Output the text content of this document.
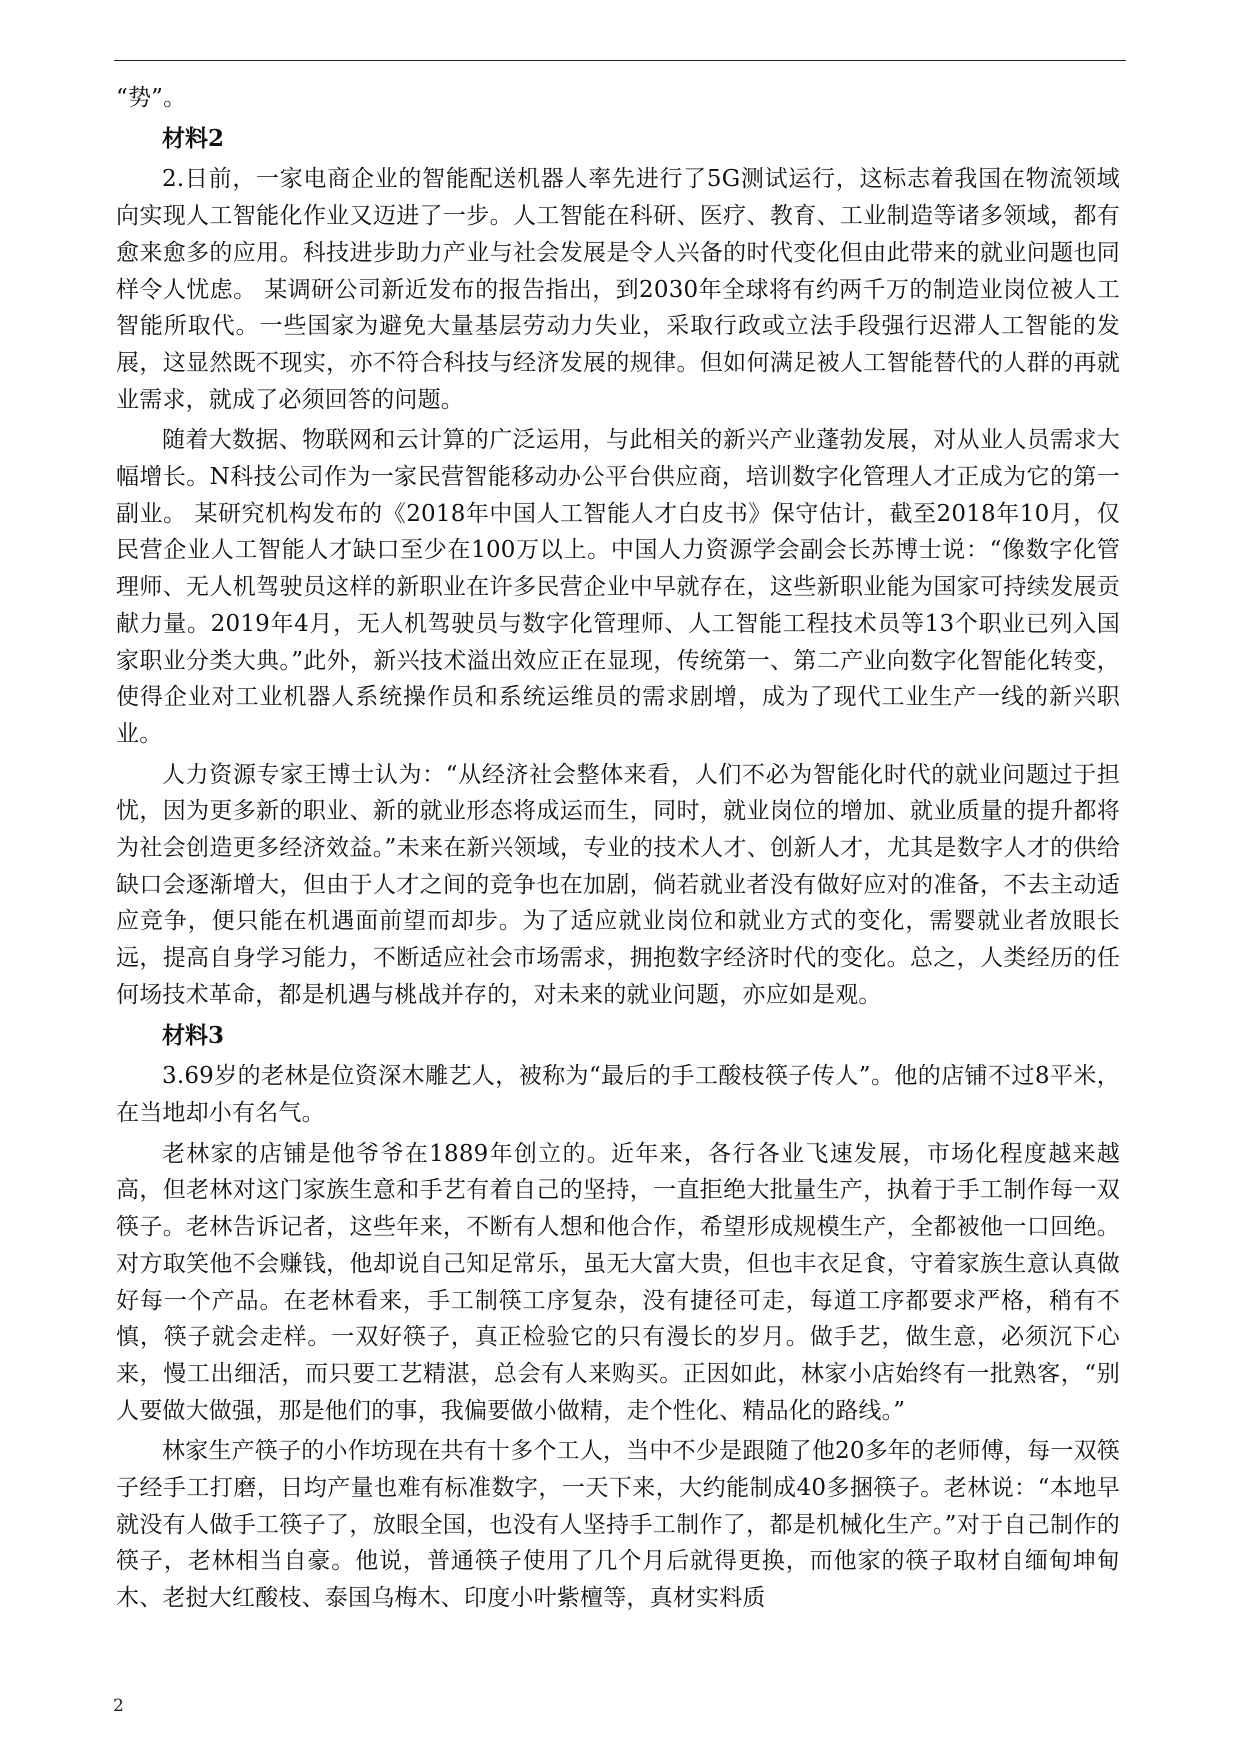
“势”。

材料2

2.日前，一家电商企业的智能配送机器人率先进行了5G测试运行，这标志着我国在物流领域向实现人工智能化作业又迈进了一步。人工智能在科研、医疗、教育、工业制造等诸多领域，都有愈来愈多的应用。科技进步助力产业与社会发展是令人兴备的时代变化但由此带来的就业问题也同样令人忧虑。 某调研公司新近发布的报告指出，到2030年全球将有约两千万的制造业岗位被人工智能所取代。一些国家为避免大量基层劳动力失业，采取行政或立法手段强行迟滞人工智能的发展，这显然既不现实，亦不符合科技与经济发展的规律。但如何满足被人工智能替代的人群的再就业需求，就成了必须回答的问题。

随着大数据、物联网和云计算的广泛运用，与此相关的新兴产业蓬勃发展，对从业人员需求大幅增长。N科技公司作为一家民营智能移动办公平台供应商，培训数字化管理人才正成为它的第一副业。 某研究机构发布的《2018年中国人工智能人才白皮书》保守估计，截至2018年10月，仅民营企业人工智能人才缺口至少在100万以上。中国人力资源学会副会长苏博士说：“像数字化管理师、无人机驾驶员这样的新职业在许多民营企业中早就存在，这些新职业能为国家可持续发展贡献力量。2019年4月，无人机驾驶员与数字化管理师、人工智能工程技术员等13个职业已列入国家职业分类大典。”此外，新兴技术溢出效应正在显现，传统第一、第二产业向数字化智能化转变，使得企业对工业机器人系统操作员和系统运维员的需求剧增，成为了现代工业生产一线的新兴职业。

人力资源专家王博士认为：“从经济社会整体来看，人们不必为智能化时代的就业问题过于担忧，因为更多新的职业、新的就业形态将成运而生，同时，就业岗位的增加、就业质量的提升都将为社会创造更多经济效益。”未来在新兴领域，专业的技术人才、创新人才，尤其是数字人才的供给缺口会逐渐增大，但由于人才之间的竞争也在加剧，倘若就业者没有做好应对的准备，不去主动适应竞争，便只能在机遇面前望而却步。为了适应就业岗位和就业方式的变化，需婴就业者放眼长远，提高自身学习能力，不断适应社会市场需求，拥抱数字经济时代的变化。总之，人类经历的任何场技术革命，都是机遇与桃战并存的，对未来的就业问题，亦应如是观。

材料3

3.69岁的老林是位资深木雕艺人，被称为“最后的手工酸枝筷子传人”。他的店铺不过8平米，在当地却小有名气。

老林家的店铺是他爷爷在1889年创立的。近年来，各行各业飞速发展，市场化程度越来越高，但老林对这门家族生意和手艺有着自己的坚持，一直拒绝大批量生产，执着于手工制作每一双筷子。老林告诉记者，这些年来，不断有人想和他合作，希望形成规模生产，全都被他一口回绝。对方取笑他不会赚钱，他却说自己知足常乐，虽无大富大贵，但也丰衣足食，守着家族生意认真做好每一个产品。在老林看来，手工制筷工序复杂，没有捷径可走，每道工序都要求严格，稍有不慎，筷子就会走样。一双好筷子，真正检验它的只有漫长的岁月。做手艺，做生意，必须沉下心来，慢工出细活，而只要工艺精湛，总会有人来购买。正因如此，林家小店始终有一批熟客，“别人要做大做强，那是他们的事，我偏要做小做精，走个性化、精品化的路线。”

林家生产筷子的小作坊现在共有十多个工人，当中不少是跟随了他20多年的老师傅，每一双筷子经手工打磨，日均产量也难有标准数字，一天下来，大约能制成40多捆筷子。老林说：“本地早就没有人做手工筷子了，放眼全国，也没有人坚持手工制作了，都是机械化生产。”对于自己制作的筷子，老林相当自豪。他说，普通筷子使用了几个月后就得更换，而他家的筷子取材自缅甸坤甸木、老挝大红酸枝、泰国乌梅木、印度小叶紫檀等，真材实料质

2
